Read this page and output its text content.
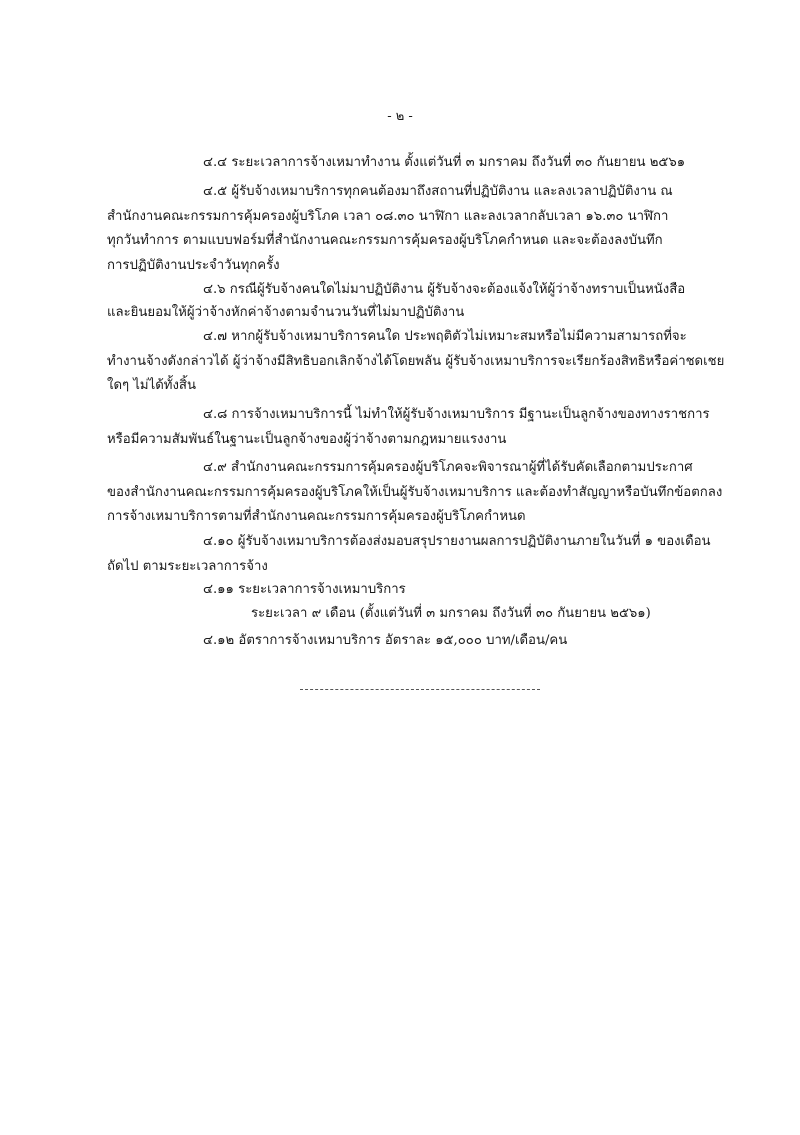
- ๒ -
๔.๔ ระยะเวลาการจ้างเหมาทำงาน ตั้งแต่วันที่ ๓ มกราคม ถึงวันที่ ๓๐ กันยายน ๒๕๖๑
๔.๕ ผู้รับจ้างเหมาบริการทุกคนต้องมาถึงสถานที่ปฏิบัติงาน และลงเวลาปฏิบัติงาน ณ
สำนักงานคณะกรรมการคุ้มครองผู้บริโภค เวลา ๐๘.๓๐ นาฬิกา และลงเวลากลับเวลา ๑๖.๓๐ นาฬิกา
ทุกวันทำการ ตามแบบฟอร์มที่สำนักงานคณะกรรมการคุ้มครองผู้บริโภคกำหนด และจะต้องลงบันทึก
การปฏิบัติงานประจำวันทุกครั้ง
๔.๖ กรณีผู้รับจ้างคนใดไม่มาปฏิบัติงาน ผู้รับจ้างจะต้องแจ้งให้ผู้ว่าจ้างทราบเป็นหนังสือ
และยินยอมให้ผู้ว่าจ้างหักค่าจ้างตามจำนวนวันที่ไม่มาปฏิบัติงาน
๔.๗ หากผู้รับจ้างเหมาบริการคนใด ประพฤติตัวไม่เหมาะสมหรือไม่มีความสามารถที่จะ
ทำงานจ้างดังกล่าวได้ ผู้ว่าจ้างมีสิทธิบอกเลิกจ้างได้โดยพลัน ผู้รับจ้างเหมาบริการจะเรียกร้องสิทธิหรือค่าชดเชย
ใดๆ ไม่ได้ทั้งสิ้น
๔.๘ การจ้างเหมาบริการนี้ ไม่ทำให้ผู้รับจ้างเหมาบริการ มีฐานะเป็นลูกจ้างของทางราชการ
หรือมีความสัมพันธ์ในฐานะเป็นลูกจ้างของผู้ว่าจ้างตามกฎหมายแรงงาน
๔.๙ สำนักงานคณะกรรมการคุ้มครองผู้บริโภคจะพิจารณาผู้ที่ได้รับคัดเลือกตามประกาศ
ของสำนักงานคณะกรรมการคุ้มครองผู้บริโภคให้เป็นผู้รับจ้างเหมาบริการ และต้องทำสัญญาหรือบันทึกข้อตกลง
การจ้างเหมาบริการตามที่สำนักงานคณะกรรมการคุ้มครองผู้บริโภคกำหนด
๔.๑๐ ผู้รับจ้างเหมาบริการต้องส่งมอบสรุปรายงานผลการปฏิบัติงานภายในวันที่ ๑ ของเดือน
ถัดไป ตามระยะเวลาการจ้าง
๔.๑๑ ระยะเวลาการจ้างเหมาบริการ
ระยะเวลา ๙ เดือน (ตั้งแต่วันที่ ๓ มกราคม ถึงวันที่ ๓๐ กันยายน ๒๕๖๑)
๔.๑๒ อัตราการจ้างเหมาบริการ อัตราละ ๑๕,๐๐๐ บาท/เดือน/คน
